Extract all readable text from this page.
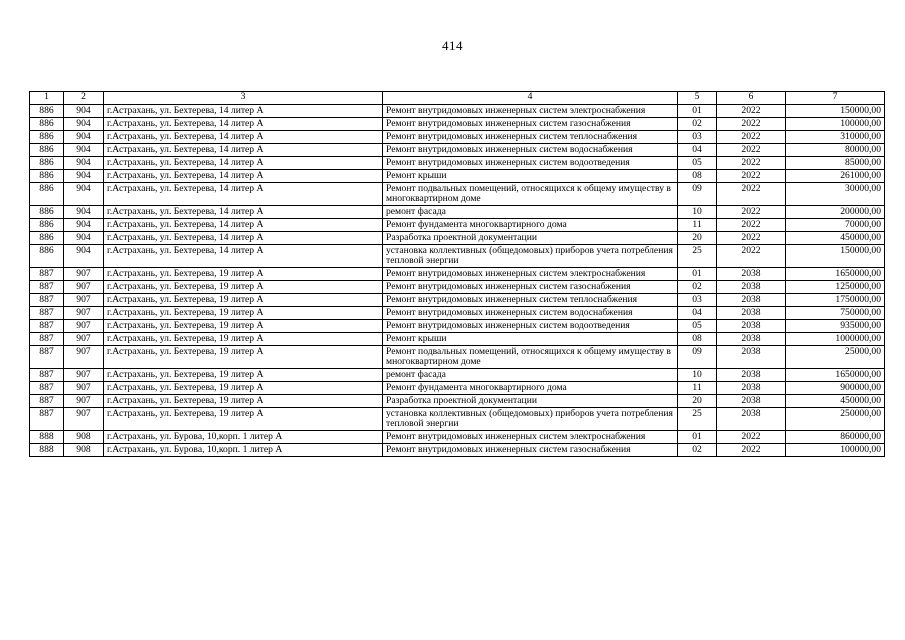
414
1	2	3	4	5	6	7
886	904	г.Астрахань, ул. Бехтерева, 14 литер А	Ремонт внутридомовых инженерных систем электроснабжения	01	2022	150000,00
886	904	г.Астрахань, ул. Бехтерева, 14 литер А	Ремонт внутридомовых инженерных систем газоснабжения	02	2022	100000,00
886	904	г.Астрахань, ул. Бехтерева, 14 литер А	Ремонт внутридомовых инженерных систем теплоснабжения	03	2022	310000,00
886	904	г.Астрахань, ул. Бехтерева, 14 литер А	Ремонт внутридомовых инженерных систем водоснабжения	04	2022	80000,00
886	904	г.Астрахань, ул. Бехтерева, 14 литер А	Ремонт внутридомовых инженерных систем водоотведения	05	2022	85000,00
886	904	г.Астрахань, ул. Бехтерева, 14 литер А	Ремонт крыши	08	2022	261000,00
886	904	г.Астрахань, ул. Бехтерева, 14 литер А	Ремонт подвальных помещений, относящихся к общему имуществу в многоквартирном доме	09	2022	30000,00
886	904	г.Астрахань, ул. Бехтерева, 14 литер А	ремонт фасада	10	2022	200000,00
886	904	г.Астрахань, ул. Бехтерева, 14 литер А	Ремонт фундамента многоквартирного дома	11	2022	70000,00
886	904	г.Астрахань, ул. Бехтерева, 14 литер А	Разработка проектной документации	20	2022	450000,00
886	904	г.Астрахань, ул. Бехтерева, 14 литер А	установка коллективных (общедомовых) приборов учета потребления тепловой энергии	25	2022	150000,00
887	907	г.Астрахань, ул. Бехтерева, 19 литер А	Ремонт внутридомовых инженерных систем электроснабжения	01	2038	1650000,00
887	907	г.Астрахань, ул. Бехтерева, 19 литер А	Ремонт внутридомовых инженерных систем газоснабжения	02	2038	1250000,00
887	907	г.Астрахань, ул. Бехтерева, 19 литер А	Ремонт внутридомовых инженерных систем теплоснабжения	03	2038	1750000,00
887	907	г.Астрахань, ул. Бехтерева, 19 литер А	Ремонт внутридомовых инженерных систем водоснабжения	04	2038	750000,00
887	907	г.Астрахань, ул. Бехтерева, 19 литер А	Ремонт внутридомовых инженерных систем водоотведения	05	2038	935000,00
887	907	г.Астрахань, ул. Бехтерева, 19 литер А	Ремонт крыши	08	2038	1000000,00
887	907	г.Астрахань, ул. Бехтерева, 19 литер А	Ремонт подвальных помещений, относящихся к общему имуществу в многоквартирном доме	09	2038	25000,00
887	907	г.Астрахань, ул. Бехтерева, 19 литер А	ремонт фасада	10	2038	1650000,00
887	907	г.Астрахань, ул. Бехтерева, 19 литер А	Ремонт фундамента многоквартирного дома	11	2038	900000,00
887	907	г.Астрахань, ул. Бехтерева, 19 литер А	Разработка проектной документации	20	2038	450000,00
887	907	г.Астрахань, ул. Бехтерева, 19 литер А	установка коллективных (общедомовых) приборов учета потребления тепловой энергии	25	2038	250000,00
888	908	г.Астрахань, ул. Бурова, 10,корп. 1 литер А	Ремонт внутридомовых инженерных систем электроснабжения	01	2022	860000,00
888	908	г.Астрахань, ул. Бурова, 10,корп. 1 литер А	Ремонт внутридомовых инженерных систем газоснабжения	02	2022	100000,00
